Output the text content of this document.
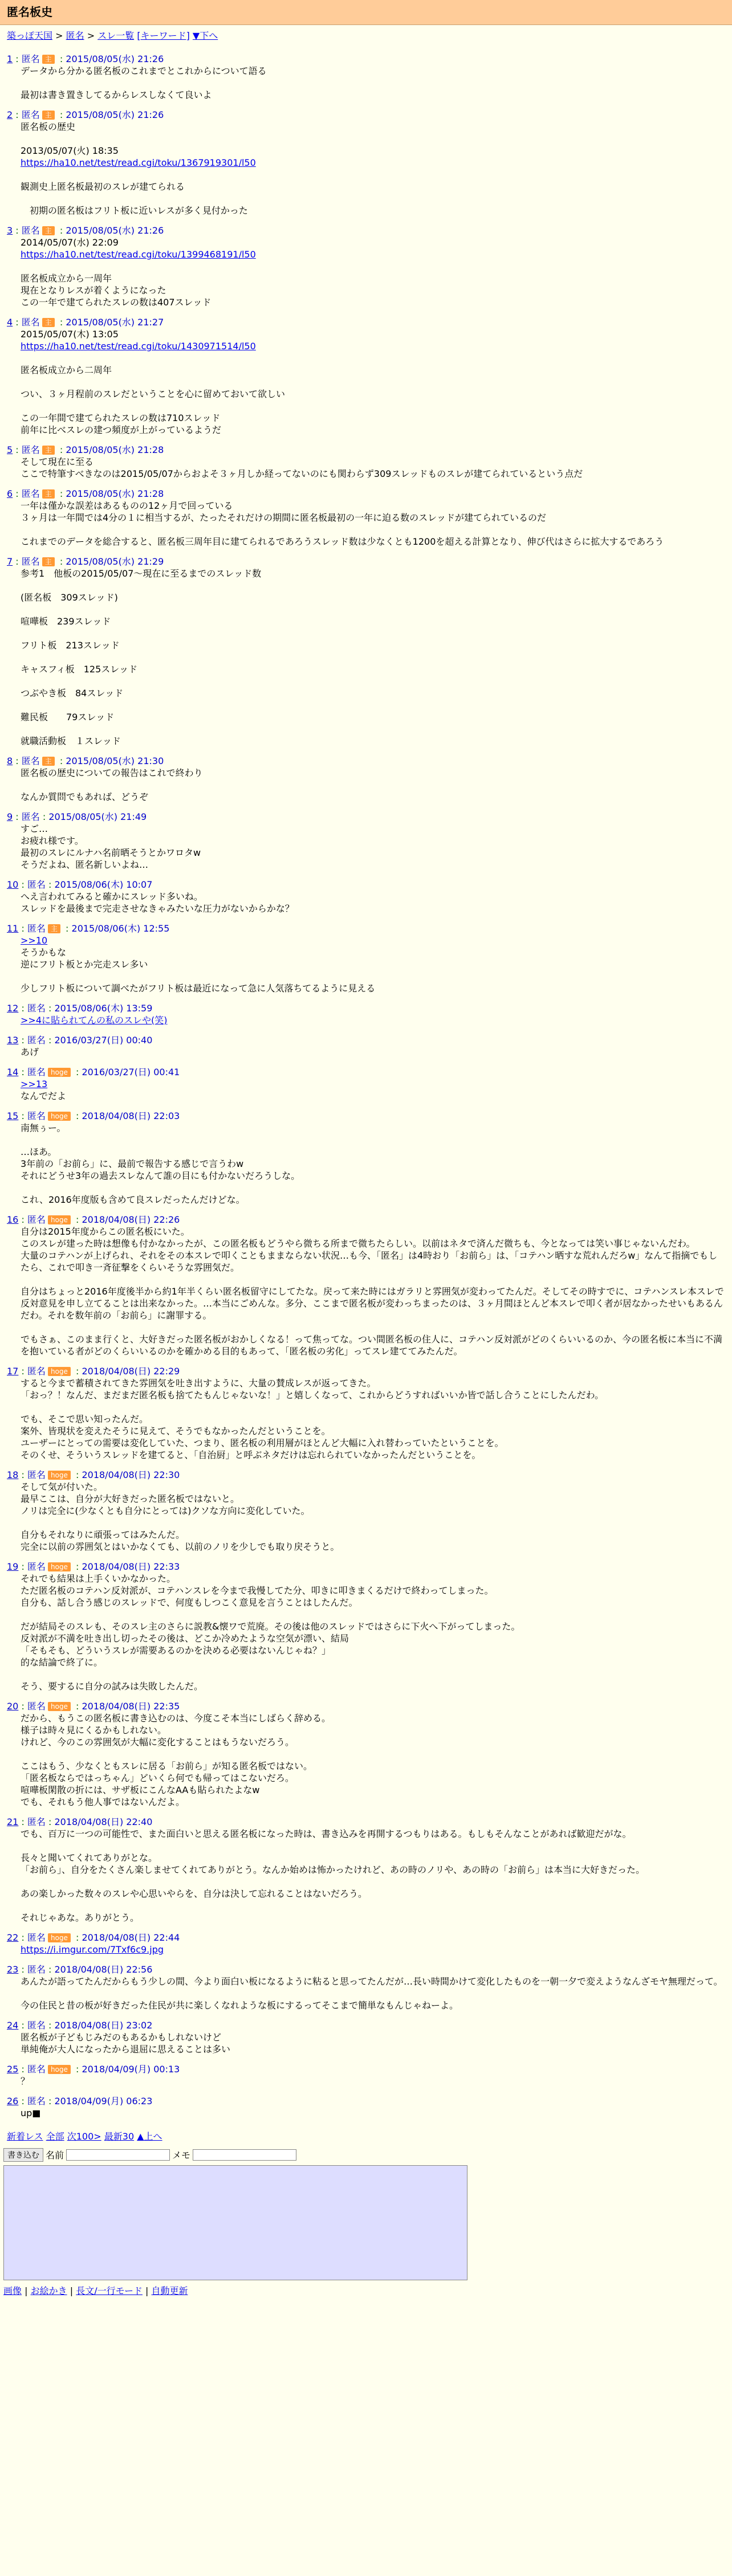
匿名板史
築っぽ天国 > 匿名 > スレ一覧 [キーワード] ▼下へ
1 : 匿名 主 : 2015/08/05(水) 21:26

データから分かる匿名板のこれまでとこれからについて語る

最初は書き置きしてるからレスしなくて良いよ

2 : 匿名 主 : 2015/08/05(水) 21:26

匿名板の歴史

2013/05/07(火) 18:35

https://ha10.net/test/read.cgi/toku/1367919301/l50

観測史上匿名板最初のスレが建てられる

　初期の匿名板はフリト板に近いレスが多く見付かった

3 : 匿名 主 : 2015/08/05(水) 21:26

2014/05/07(水) 22:09

https://ha10.net/test/read.cgi/toku/1399468191/l50

匿名板成立から一周年

現在となりレスが着くようになった

この一年で建てられたスレの数は407スレッド

4 : 匿名 主 : 2015/08/05(水) 21:27

2015/05/07(木) 13:05

https://ha10.net/test/read.cgi/toku/1430971514/l50

匿名板成立から二周年

つい、３ヶ月程前のスレだということを心に留めておいて欲しい

この一年間で建てられたスレの数は710スレッド

前年に比べスレの建つ頻度が上がっているようだ

5 : 匿名 主 : 2015/08/05(水) 21:28

そして現在に至る

ここで特筆すべきなのは2015/05/07からおよそ３ヶ月しか経ってないのにも関わらず309スレッドものスレが建てられているという点だ

6 : 匿名 主 : 2015/08/05(水) 21:28

一年は僅かな誤差はあるものの12ヶ月で回っている

３ヶ月は一年間では4分の１に相当するが、たったそれだけの期間に匿名板最初の一年に迫る数のスレッドが建てられているのだ

これまでのデータを総合すると、匿名板三周年目に建てられるであろうスレッド数は少なくとも1200を超える計算となり、伸び代はさらに拡大するであろう

7 : 匿名 主 : 2015/08/05(水) 21:29

参考1　他板の2015/05/07〜現在に至るまでのスレッド数

(匿名板　309スレッド)

喧嘩板　239スレッド

フリト板　213スレッド

キャスフィ板　125スレッド

つぶやき板　84スレッド

難民板　　79スレッド

就職活動板　１スレッド

8 : 匿名 主 : 2015/08/05(水) 21:30

匿名板の歴史についての報告はこれで終わり

なんか質問でもあれば、どうぞ

9 : 匿名 : 2015/08/05(水) 21:49

すご…

お疲れ様です。

最初のスレにルナハ名前晒そうとかワロタw

そうだよね、匿名新しいよね…

10 : 匿名 : 2015/08/06(木) 10:07

へえ言われてみると確かにスレッド多いね。

スレッドを最後まで完走させなきゃみたいな圧力がないからかな？

11 : 匿名 主 : 2015/08/06(木) 12:55
>>10

そうかもな

逆にフリト板とか完走スレ多い

少しフリト板について調べたがフリト板は最近になって急に人気落ちてるように見える

12 : 匿名 : 2015/08/06(木) 13:59
>>4に貼られてんの私のスレや(笑)
13 : 匿名 : 2016/03/27(日) 00:40

あげ

14 : 匿名 hoge : 2016/03/27(日) 00:41
>>13

なんでだよ

15 : 匿名 hoge : 2018/04/08(日) 22:03

南無ぅー。

…ほあ。

3年前の「お前ら」に、最前で報告する感じで言うわw

それにどうせ3年の過去スレなんて誰の目にも付かないだろうしな。

これ、2016年度版も含めて良スレだったんだけどな。

16 : 匿名 hoge : 2018/04/08(日) 22:26

自分は2015年度からこの匿名板にいた。

このスレが建った時は想像も付かなかったが、この匿名板もどうやら微ちる所まで微ちたらしい。以前はネタで済んだ微ちも、今となっては笑い事じゃないんだわ。

大量のコテハンが上げられ、それをその本スレで叩くこともままならない状況…も今、「匿名」は4時おり「お前ら」は、「コテハン晒すな荒れんだろw」なんて指摘でもしたら、これで叩き一斉征撃をくらいそうな雰囲気だ。

自分はちょっと2016年度後半から約1年半くらい匿名板留守にしてたな。戻って来た時にはガラリと雰囲気が変わってたんだ。そしてその時すでに、コテハンスレ本スレで反対意見を申し立てることは出来なかった。…本当にごめんな。多分、ここまで匿名板が変わっちまったのは、３ヶ月間ほとんど本スレで叩く者が居なかったせいもあるんだわ。それを数年前の「お前ら」に謝罪する。

でもさぁ、このまま行くと、大好きだった匿名板がおかしくなる！って焦ってな。つい間匿名板の住人に、コテハン反対派がどのくらいいるのか、今の匿名板に本当に不満を抱いている者がどのくらいいるのかを確かめる目的もあって、「匿名板の劣化」ってスレ建ててみたんだ。

17 : 匿名 hoge : 2018/04/08(日) 22:29

すると今まで蓄積されてきた雰囲気を吐き出すように、大量の賛成レスが返ってきた。

「おっ？！なんだ、まだまだ匿名板も捨てたもんじゃないな！」と嬉しくなって、これからどうすればいいか皆で話し合うことにしたんだわ。

でも、そこで思い知ったんだ。

案外、皆現状を変えたそうに見えて、そうでもなかったんだということを。

ユーザーにとっての需要は変化していた、つまり、匿名板の利用層がほとんど大幅に入れ替わっていたということを。

そのくせ、そういうスレッドを建てると、「自治厨」と呼ぶネタだけは忘れられていなかったんだということを。

18 : 匿名 hoge : 2018/04/08(日) 22:30

そして気が付いた。

最早ここは、自分が大好きだった匿名板ではないと。

ノリは完全に(少なくとも自分にとっては)クソな方向に変化していた。

自分もそれなりに頑張ってはみたんだ。

完全に以前の雰囲気とはいかなくても、以前のノリを少しでも取り戻そうと。

19 : 匿名 hoge : 2018/04/08(日) 22:33

それでも結果は上手くいかなかった。

ただ匿名板のコテハン反対派が、コテハンスレを今まで我慢してた分、叩きに叩きまくるだけで終わってしまった。

自分も、話し合う感じのスレッドで、何度もしつこく意見を言うことはしたんだ。

だが結局そのスレも、そのスレ主のさらに説教&懐ワで荒廃。その後は他のスレッドではさらに下火へ下がってしまった。

反対派が不満を吐き出し切ったその後は、どこか冷めたような空気が漂い、結局

「そもそも、どういうスレが需要あるのかを決める必要はないんじゃね？」

的な結論で終了に。

そう、要するに自分の試みは失敗したんだ。

20 : 匿名 hoge : 2018/04/08(日) 22:35

だから、もうこの匿名板に書き込むのは、今度こそ本当にしばらく辞める。

様子は時々見にくるかもしれない。

けれど、今のこの雰囲気が大幅に変化することはもうないだろう。

ここはもう、少なくともスレに居る「お前ら」が知る匿名板ではない。

「匿名板ならではっちゃん」どいくら何でも帰ってはこないだろ。

喧嘩板閑散の折には、サザ板にこんなAAも貼られたよなw

でも、それもう他人事ではないんだよ。

21 : 匿名 : 2018/04/08(日) 22:40

でも、百万に一つの可能性で、また面白いと思える匿名板になった時は、書き込みを再開するつもりはある。もしもそんなことがあれば歓迎だがな。

長々と聞いてくれてありがとな。

「お前ら」、自分をたくさん楽しませてくれてありがとう。なんか始めは怖かったけれど、あの時のノリや、あの時の「お前ら」は本当に大好きだった。

あの楽しかった数々のスレや心思いやらを、自分は決して忘れることはないだろう。

それじゃあな。ありがとう。

22 : 匿名 hoge : 2018/04/08(日) 22:44
https://i.imgur.com/7Txf6c9.jpg
23 : 匿名 : 2018/04/08(日) 22:56

あんたが語ってたんだからもう少しの間、今より面白い板になるように粘ると思ってたんだが…長い時間かけて変化したものを一朝一夕で変えようなんざモヤ無理だって。

今の住民と昔の板が好きだった住民が共に楽しくなれような板にするってそこまで簡単なもんじゃねーよ。

24 : 匿名 : 2018/04/08(日) 23:02

匿名板が子どもじみだのもあるかもしれないけど

単純俺が大人になったから退屈に思えることは多い

25 : 匿名 hoge : 2018/04/09(月) 00:13

？

26 : 匿名 : 2018/04/09(月) 06:23

up■

新着レス 全部 次100> 最新30 ▲上へ
書き込む 名前	メモ
画像 | お絵かき | 長文/一行モード | 自動更新
